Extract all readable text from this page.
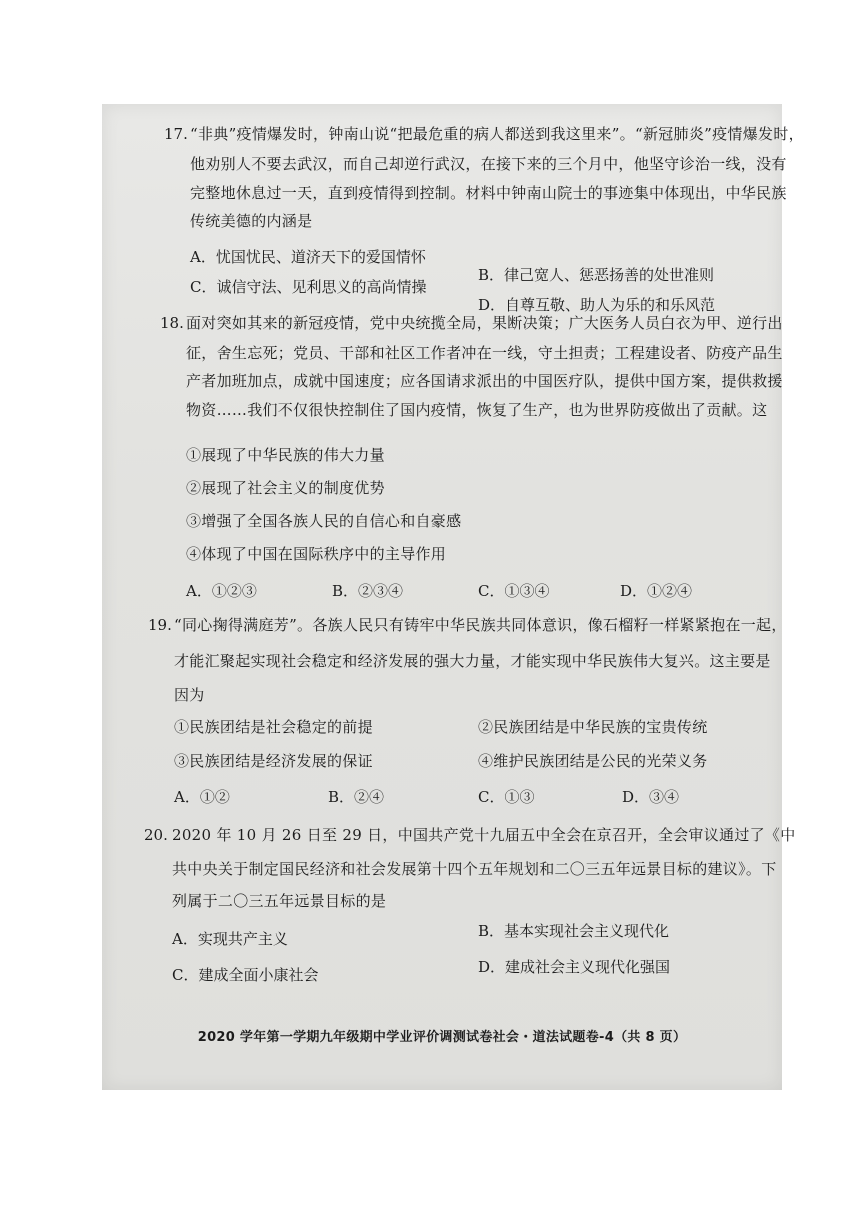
17. “非典”疫情爆发时，钟南山说“把最危重的病人都送到我这里来”。“新冠肺炎”疫情爆发时，
他劝别人不要去武汉，而自己却逆行武汉，在接下来的三个月中，他坚守诊治一线，没有
完整地休息过一天，直到疫情得到控制。材料中钟南山院士的事迹集中体现出，中华民族
传统美德的内涵是
A．忧国忧民、道济天下的爱国情怀
B．律己宽人、惩恶扬善的处世准则
C．诚信守法、见利思义的高尚情操
D．自尊互敬、助人为乐的和乐风范
18. 面对突如其来的新冠疫情，党中央统揽全局，果断决策；广大医务人员白衣为甲、逆行出
征，舍生忘死；党员、干部和社区工作者冲在一线，守土担责；工程建设者、防疫产品生
产者加班加点，成就中国速度；应各国请求派出的中国医疗队，提供中国方案，提供救援
物资……我们不仅很快控制住了国内疫情，恢复了生产，也为世界防疫做出了贡献。这
①展现了中华民族的伟大力量
②展现了社会主义的制度优势
③增强了全国各族人民的自信心和自豪感
④体现了中国在国际秩序中的主导作用
A．①②③	B．②③④	C．①③④	D．①②④
19. “同心掬得满庭芳”。各族人民只有铸牢中华民族共同体意识，像石榴籽一样紧紧抱在一起，
才能汇聚起实现社会稳定和经济发展的强大力量，才能实现中华民族伟大复兴。这主要是
因为
①民族团结是社会稳定的前提	②民族团结是中华民族的宝贵传统
③民族团结是经济发展的保证	④维护民族团结是公民的光荣义务
A．①②	B．②④	C．①③	D．③④
20. 2020 年 10 月 26 日至 29 日，中国共产党十九届五中全会在京召开，全会审议通过了《中
共中央关于制定国民经济和社会发展第十四个五年规划和二〇三五年远景目标的建议》。下
列属于二〇三五年远景目标的是
A．实现共产主义	B．基本实现社会主义现代化
C．建成全面小康社会	D．建成社会主义现代化强国
2020 学年第一学期九年级期中学业评价调测试卷社会・道法试题卷-4（共 8 页）
